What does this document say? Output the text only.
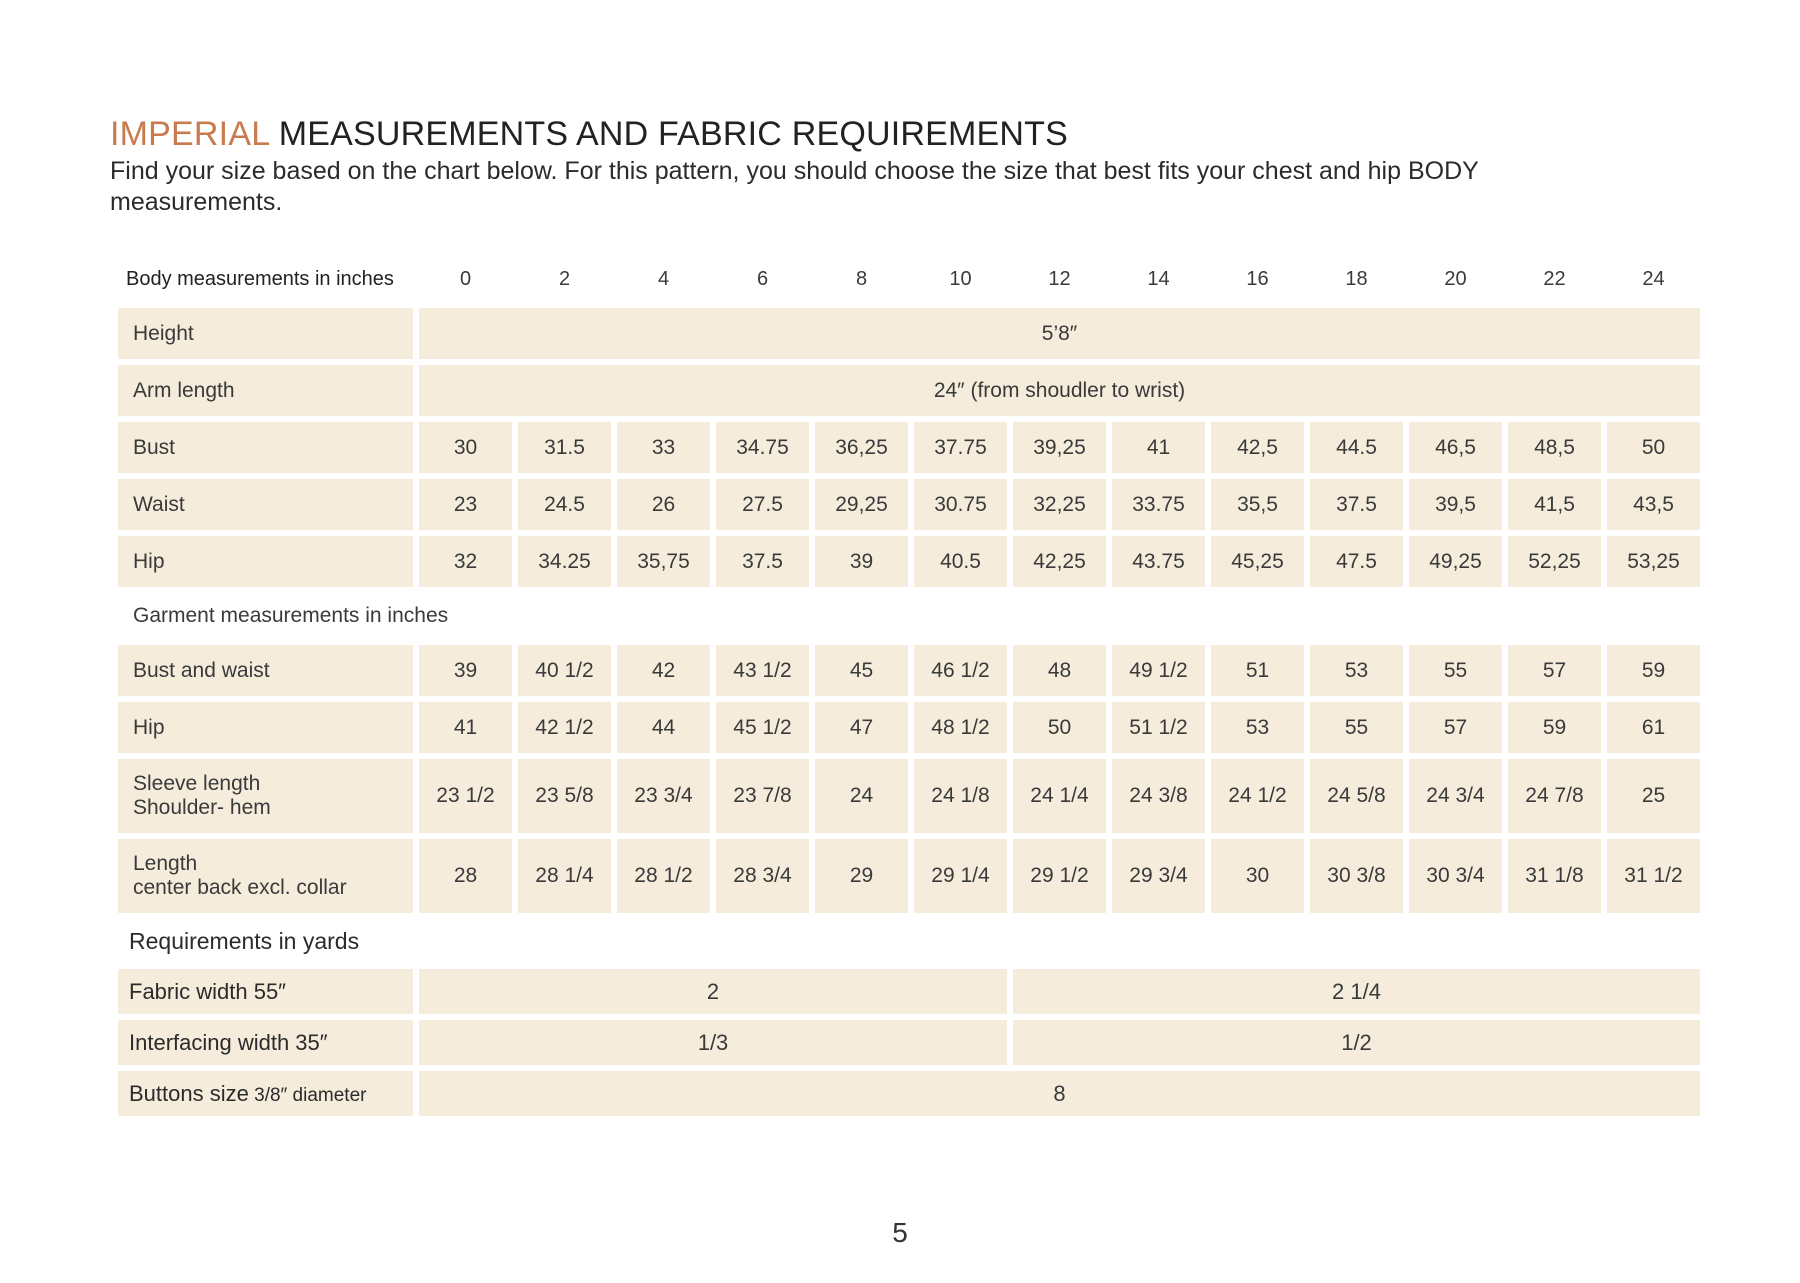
IMPERIAL MEASUREMENTS AND FABRIC REQUIREMENTS

Find your size based on the chart below. For this pattern, you should choose the size that best fits your chest and hip BODY measurements.

Body measurements in inches	0	2	4	6	8	10	12	14	16	18	20	22	24
Height	5’8″												
Arm length	24″ (from shoudler to wrist)												
Bust	30	31.5	33	34.75	36,25	37.75	39,25	41	42,5	44.5	46,5	48,5	50
Waist	23	24.5	26	27.5	29,25	30.75	32,25	33.75	35,5	37.5	39,5	41,5	43,5
Hip	32	34.25	35,75	37.5	39	40.5	42,25	43.75	45,25	47.5	49,25	52,25	53,25
Garment measurements in inches													
Bust and waist	39	40 1/2	42	43 1/2	45	46 1/2	48	49 1/2	51	53	55	57	59
Hip	41	42 1/2	44	45 1/2	47	48 1/2	50	51 1/2	53	55	57	59	61
Sleeve length
Shoulder- hem	23 1/2	23 5/8	23 3/4	23 7/8	24	24 1/8	24 1/4	24 3/8	24 1/2	24 5/8	24 3/4	24 7/8	25
Length
center back excl. collar	28	28 1/4	28 1/2	28 3/4	29	29 1/4	29 1/2	29 3/4	30	30 3/8	30 3/4	31 1/8	31 1/2
Requirements in yards													
Fabric width 55″	2						2 1/4						
Interfacing width 35″	1/3						1/2						
Buttons size 3/8″ diameter	8												
5
